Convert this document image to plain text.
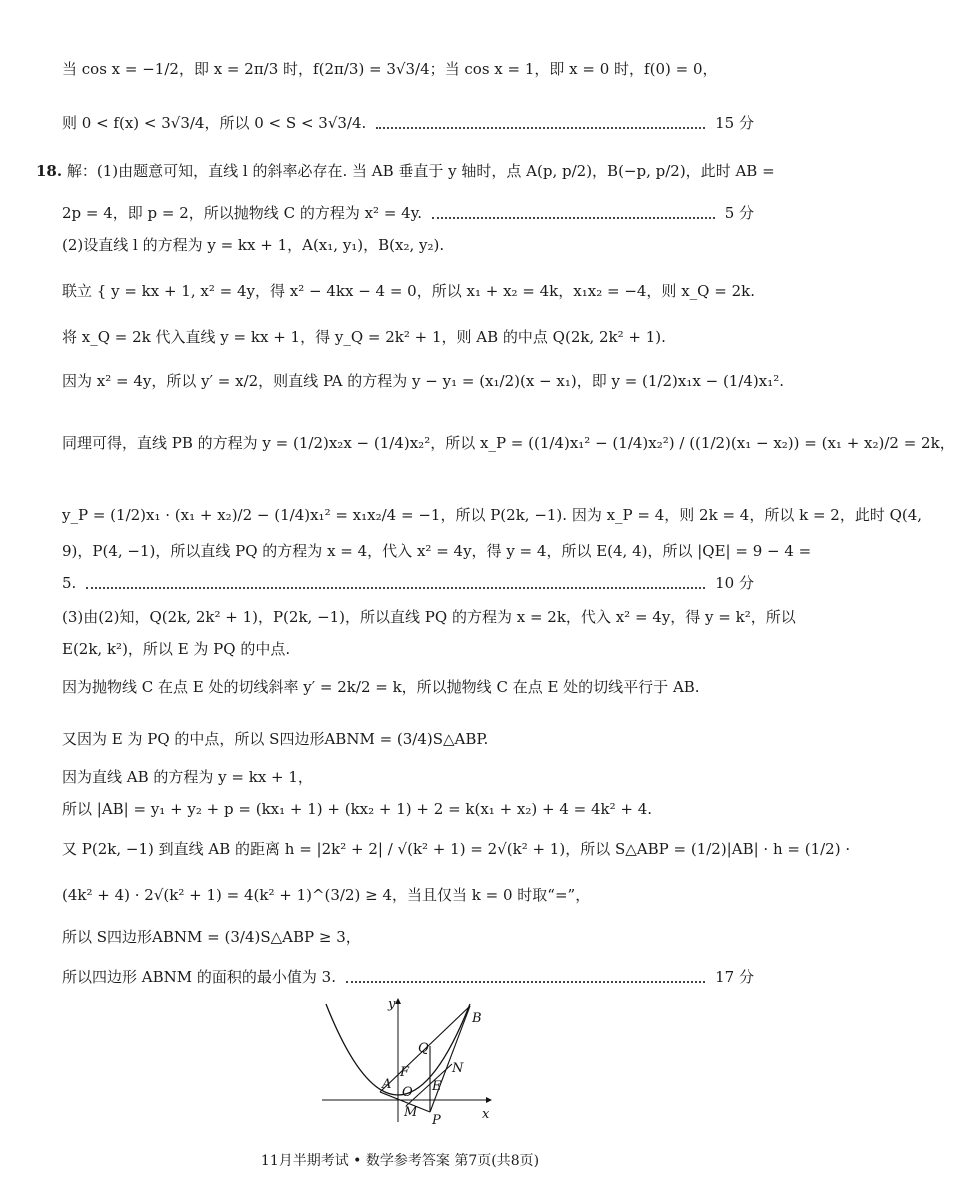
当 cos x = −1/2，即 x = 2π/3 时，f(2π/3) = 3√3/4；当 cos x = 1，即 x = 0 时，f(0) = 0，
则 0 < f(x) < 3√3/4，所以 0 < S < 3√3/4.	15 分
18. 解：(1)由题意可知，直线 l 的斜率必存在. 当 AB 垂直于 y 轴时，点 A(p, p/2)，B(−p, p/2)，此时 AB =
2p = 4，即 p = 2，所以抛物线 C 的方程为 x² = 4y.	5 分
(2)设直线 l 的方程为 y = kx + 1，A(x₁, y₁)，B(x₂, y₂).
联立 { y = kx + 1, x² = 4y，得 x² − 4kx − 4 = 0，所以 x₁ + x₂ = 4k，x₁x₂ = −4，则 x_Q = 2k.
将 x_Q = 2k 代入直线 y = kx + 1，得 y_Q = 2k² + 1，则 AB 的中点 Q(2k, 2k² + 1).
因为 x² = 4y，所以 y′ = x/2，则直线 PA 的方程为 y − y₁ = (x₁/2)(x − x₁)，即 y = (1/2)x₁x − (1/4)x₁².
同理可得，直线 PB 的方程为 y = (1/2)x₂x − (1/4)x₂²，所以 x_P = ((1/4)x₁² − (1/4)x₂²) / ((1/2)(x₁ − x₂)) = (x₁ + x₂)/2 = 2k，
y_P = (1/2)x₁ · (x₁ + x₂)/2 − (1/4)x₁² = x₁x₂/4 = −1，所以 P(2k, −1). 因为 x_P = 4，则 2k = 4，所以 k = 2，此时 Q(4,
9)，P(4, −1)，所以直线 PQ 的方程为 x = 4，代入 x² = 4y，得 y = 4，所以 E(4, 4)，所以 |QE| = 9 − 4 =
5.	10 分
(3)由(2)知，Q(2k, 2k² + 1)，P(2k, −1)，所以直线 PQ 的方程为 x = 2k，代入 x² = 4y，得 y = k²，所以
E(2k, k²)，所以 E 为 PQ 的中点.
因为抛物线 C 在点 E 处的切线斜率 y′ = 2k/2 = k，所以抛物线 C 在点 E 处的切线平行于 AB.
又因为 E 为 PQ 的中点，所以 S四边形ABNM = (3/4)S△ABP.
因为直线 AB 的方程为 y = kx + 1，
所以 |AB| = y₁ + y₂ + p = (kx₁ + 1) + (kx₂ + 1) + 2 = k(x₁ + x₂) + 4 = 4k² + 4.
又 P(2k, −1) 到直线 AB 的距离 h = |2k² + 2| / √(k² + 1) = 2√(k² + 1)，所以 S△ABP = (1/2)|AB| · h = (1/2) ·
(4k² + 4) · 2√(k² + 1) = 4(k² + 1)^(3/2) ≥ 4，当且仅当 k = 0 时取“=”，
所以 S四边形ABNM = (3/4)S△ABP ≥ 3，
所以四边形 ABNM 的面积的最小值为 3.	17 分
y
x
B
Q
F	N
A
O E
M
P
11月半期考试 • 数学参考答案 第7页(共8页)
